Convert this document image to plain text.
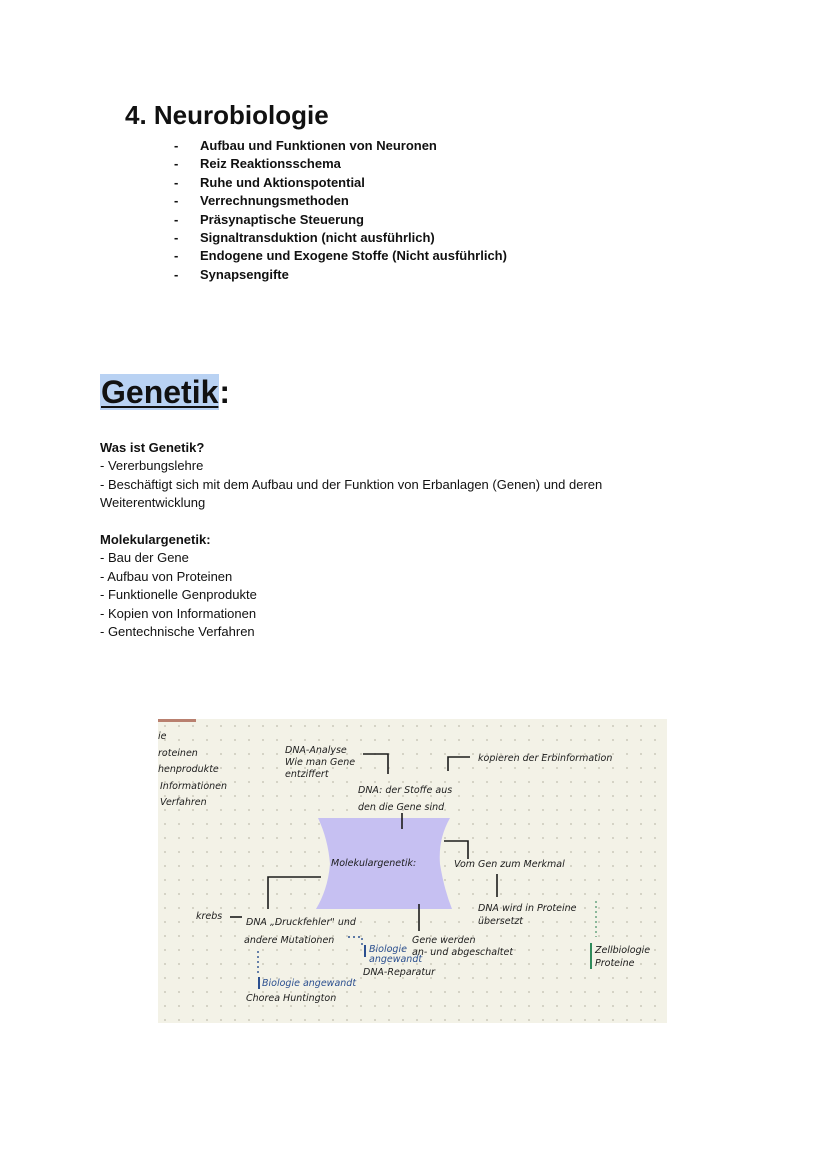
4. Neurobiologie
- Aufbau und Funktionen von Neuronen
- Reiz Reaktionsschema
- Ruhe und Aktionspotential
- Verrechnungsmethoden
- Präsynaptische Steuerung
- Signaltransduktion (nicht ausführlich)
- Endogene und Exogene Stoffe (Nicht ausführlich)
- Synapsengifte
Genetik:
Was ist Genetik?
- Vererbungslehre
- Beschäftigt sich mit dem Aufbau und der Funktion von Erbanlagen (Genen) und deren
Weiterentwicklung
Molekulargenetik:
- Bau der Gene
- Aufbau von Proteinen
- Funktionelle Genprodukte
- Kopien von Informationen
- Gentechnische Verfahren
ie
roteinen
henprodukte
Informationen
Verfahren
DNA-Analyse
Wie man Gene
entziffert
DNA: der Stoffe aus
den die Gene sind
kopieren der Erbinformation
Molekulargenetik:	Vom Gen zum Merkmal
DNA wird in Proteine
übersetzt
krebs
DNA „Druckfehler" und
andere Mutationen
Biologie
angewandt
DNA-Reparatur
Gene werden
an- und abgeschaltet	Zellbiologie
Proteine
Biologie angewandt
Chorea Huntington
